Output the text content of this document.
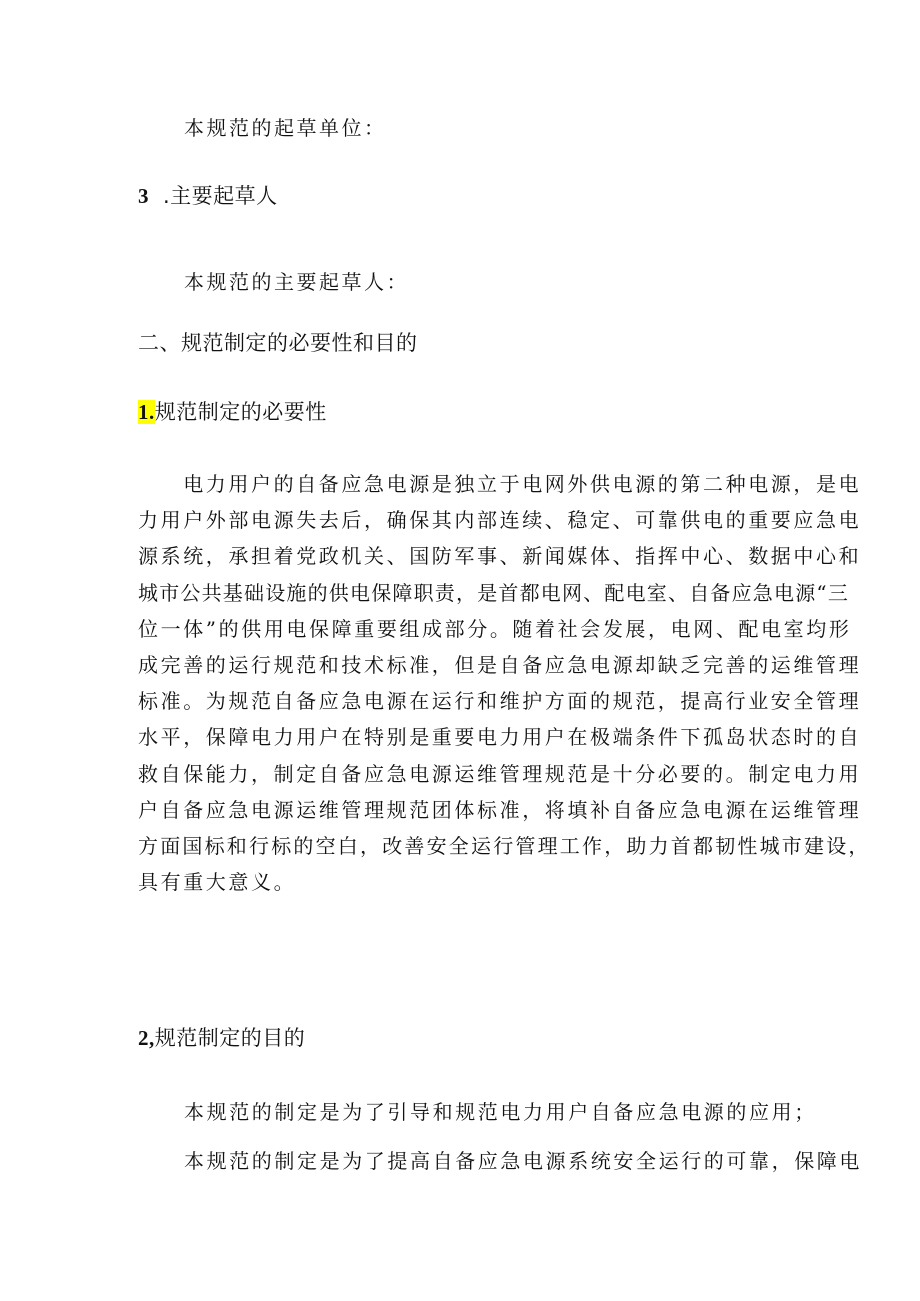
本规范的起草单位：

3 .主要起草人

本规范的主要起草人：

二、规范制定的必要性和目的

1.规范制定的必要性

　　电力用户的自备应急电源是独立于电网外供电源的第二种电源，是电
力用户外部电源失去后，确保其内部连续、稳定、可靠供电的重要应急电
源系统，承担着党政机关、国防军事、新闻媒体、指挥中心、数据中心和
城市公共基础设施的供电保障职责，是首都电网、配电室、自备应急电源“三
位一体”的供用电保障重要组成部分。随着社会发展，电网、配电室均形
成完善的运行规范和技术标准，但是自备应急电源却缺乏完善的运维管理
标准。为规范自备应急电源在运行和维护方面的规范，提高行业安全管理
水平，保障电力用户在特别是重要电力用户在极端条件下孤岛状态时的自
救自保能力，制定自备应急电源运维管理规范是十分必要的。制定电力用
户自备应急电源运维管理规范团体标准，将填补自备应急电源在运维管理
方面国标和行标的空白，改善安全运行管理工作，助力首都韧性城市建设，
具有重大意义。

2,规范制定的目的

本规范的制定是为了引导和规范电力用户自备应急电源的应用；

本规范的制定是为了提高自备应急电源系统安全运行的可靠，保障电
